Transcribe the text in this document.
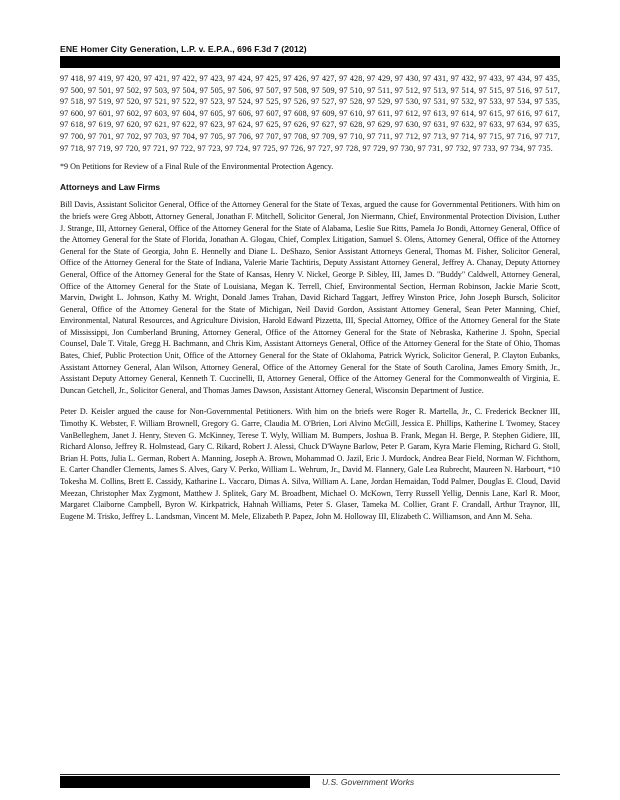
ENE Homer City Generation, L.P. v. E.P.A., 696 F.3d 7 (2012)

97 418, 97 419, 97 420, 97 421, 97 422, 97 423, 97 424, 97 425, 97 426, 97 427, 97 428, 97 429, 97 430, 97 431, 97 432, 97 433, 97 434, 97 435, 97 500, 97 501, 97 502, 97 503, 97 504, 97 505, 97 506, 97 507, 97 508, 97 509, 97 510, 97 511, 97 512, 97 513, 97 514, 97 515, 97 516, 97 517, 97 518, 97 519, 97 520, 97 521, 97 522, 97 523, 97 524, 97 525, 97 526, 97 527, 97 528, 97 529, 97 530, 97 531, 97 532, 97 533, 97 534, 97 535, 97 600, 97 601, 97 602, 97 603, 97 604, 97 605, 97 606, 97 607, 97 608, 97 609, 97 610, 97 611, 97 612, 97 613, 97 614, 97 615, 97 616, 97 617, 97 618, 97 619, 97 620, 97 621, 97 622, 97 623, 97 624, 97 625, 97 626, 97 627, 97 628, 97 629, 97 630, 97 631, 97 632, 97 633, 97 634, 97 635, 97 700, 97 701, 97 702, 97 703, 97 704, 97 705, 97 706, 97 707, 97 708, 97 709, 97 710, 97 711, 97 712, 97 713, 97 714, 97 715, 97 716, 97 717, 97 718, 97 719, 97 720, 97 721, 97 722, 97 723, 97 724, 97 725, 97 726, 97 727, 97 728, 97 729, 97 730, 97 731, 97 732, 97 733, 97 734, 97 735.

*9 On Petitions for Review of a Final Rule of the Environmental Protection Agency.

Attorneys and Law Firms

Bill Davis, Assistant Solicitor General, Office of the Attorney General for the State of Texas, argued the cause for Governmental Petitioners. With him on the briefs were Greg Abbott, Attorney General, Jonathan F. Mitchell, Solicitor General, Jon Niermann, Chief, Environmental Protection Division, Luther J. Strange, III, Attorney General, Office of the Attorney General for the State of Alabama, Leslie Sue Ritts, Pamela Jo Bondi, Attorney General, Office of the Attorney General for the State of Florida, Jonathan A. Glogau, Chief, Complex Litigation, Samuel S. Olens, Attorney General, Office of the Attorney General for the State of Georgia, John E. Hennelly and Diane L. DeShazo, Senior Assistant Attorneys General, Thomas M. Fisher, Solicitor General, Office of the Attorney General for the State of Indiana, Valerie Marie Tachtiris, Deputy Assistant Attorney General, Jeffrey A. Chanay, Deputy Attorney General, Office of the Attorney General for the State of Kansas, Henry V. Nickel, George P. Sibley, III, James D. "Buddy" Caldwell, Attorney General, Office of the Attorney General for the State of Louisiana, Megan K. Terrell, Chief, Environmental Section, Herman Robinson, Jackie Marie Scott, Marvin, Dwight L. Johnson, Kathy M. Wright, Donald James Trahan, David Richard Taggart, Jeffrey Winston Price, John Joseph Bursch, Solicitor General, Office of the Attorney General for the State of Michigan, Neil David Gordon, Assistant Attorney General, Sean Peter Manning, Chief, Environmental, Natural Resources, and Agriculture Division, Harold Edward Pizzetta, III, Special Attorney, Office of the Attorney General for the State of Mississippi, Jon Cumberland Bruning, Attorney General, Office of the Attorney General for the State of Nebraska, Katherine J. Spohn, Special Counsel, Dale T. Vitale, Gregg H. Bachmann, and Chris Kim, Assistant Attorneys General, Office of the Attorney General for the State of Ohio, Thomas Bates, Chief, Public Protection Unit, Office of the Attorney General for the State of Oklahoma, Patrick Wyrick, Solicitor General, P. Clayton Eubanks, Assistant Attorney General, Alan Wilson, Attorney General, Office of the Attorney General for the State of South Carolina, James Emory Smith, Jr., Assistant Deputy Attorney General, Kenneth T. Cuccinelli, II, Attorney General, Office of the Attorney General for the Commonwealth of Virginia, E. Duncan Getchell, Jr., Solicitor General, and Thomas James Dawson, Assistant Attorney General, Wisconsin Department of Justice.

Peter D. Keisler argued the cause for Non-Governmental Petitioners. With him on the briefs were Roger R. Martella, Jr., C. Frederick Beckner III, Timothy K. Webster, F. William Brownell, Gregory G. Garre, Claudia M. O'Brien, Lori Alvino McGill, Jessica E. Phillips, Katherine I. Twomey, Stacey VanBelleghem, Janet J. Henry, Steven G. McKinney, Terese T. Wyly, William M. Bumpers, Joshua B. Frank, Megan H. Berge, P. Stephen Gidiere, III, Richard Alonso, Jeffrey R. Holmstead, Gary C. Rikard, Robert J. Alessi, Chuck D'Wayne Barlow, Peter P. Garam, Kyra Marie Fleming, Richard G. Stoll, Brian H. Potts, Julia L. German, Robert A. Manning, Joseph A. Brown, Mohammad O. Jazil, Eric J. Murdock, Andrea Bear Field, Norman W. Fichthorn, E. Carter Chandler Clements, James S. Alves, Gary V. Perko, William L. Wehrum, Jr., David M. Flannery, Gale Lea Rubrecht, Maureen N. Harbourt, *10 Tokesha M. Collins, Brett E. Cassidy, Katharine L. Vaccaro, Dimas A. Silva, William A. Lane, Jordan Hemaidan, Todd Palmer, Douglas E. Cloud, David Meezan, Christopher Max Zygmont, Matthew J. Splitek, Gary M. Broadbent, Michael O. McKown, Terry Russell Yellig, Dennis Lane, Karl R. Moor, Margaret Claiborne Campbell, Byron W. Kirkpatrick, Hahnah Williams, Peter S. Glaser, Tameka M. Collier, Grant F. Crandall, Arthur Traynor, III, Eugene M. Trisko, Jeffrey L. Landsman, Vincent M. Mele, Elizabeth P. Papez, John M. Holloway III, Elizabeth C. Williamson, and Ann M. Seha.

U.S. Government Works
